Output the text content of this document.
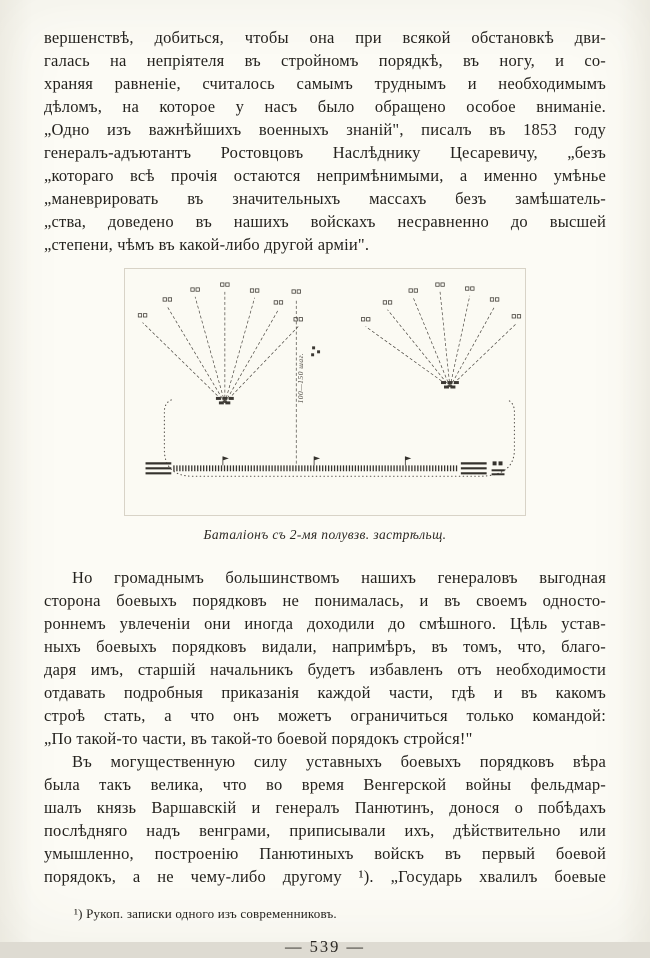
вершенствѣ, добиться, чтобы она при всякой обстановкѣ дви-
галась на непріятеля въ стройномъ порядкѣ, въ ногу, и со-
храняя равненіе, считалось самымъ труднымъ и необходимымъ
дѣломъ, на которое у насъ было обращено особое вниманіе.
„Одно изъ важнѣйшихъ военныхъ знаній", писалъ въ 1853 году
генералъ-адъютантъ Ростовцовъ Наслѣднику Цесаревичу, „безъ
„котораго всѣ прочія остаются непримѣнимыми, а именно умѣнье
„маневрировать въ значительныхъ массахъ безъ замѣшатель-
„ства, доведено въ нашихъ войскахъ несравненно до высшей
„степени, чѣмъ въ какой-либо другой арміи".
100—150 шаг.
Баталіонъ съ 2-мя полувзв. застрѣльщ.
Но громаднымъ большинствомъ нашихъ генераловъ выгодная
сторона боевыхъ порядковъ не понималась, и въ своемъ односто-
роннемъ увлеченіи они иногда доходили до смѣшного. Цѣль устав-
ныхъ боевыхъ порядковъ видали, напримѣръ, въ томъ, что, благо-
даря имъ, старшій начальникъ будетъ избавленъ отъ необходимости
отдавать подробныя приказанія каждой части, гдѣ и въ какомъ
строѣ стать, а что онъ можетъ ограничиться только командой:
„По такой-то части, въ такой-то боевой порядокъ стройся!"
Въ могущественную силу уставныхъ боевыхъ порядковъ вѣра
была такъ велика, что во время Венгерской войны фельдмар-
шалъ князь Варшавскій и генералъ Панютинъ, донося о побѣдахъ
послѣдняго надъ венграми, приписывали ихъ, дѣйствительно или
умышленно, построенію Панютиныхъ войскъ въ первый боевой
порядокъ, а не чему-либо другому ¹). „Государь хвалилъ боевые
¹) Рукоп. записки одного изъ современниковъ.
— 539 —
